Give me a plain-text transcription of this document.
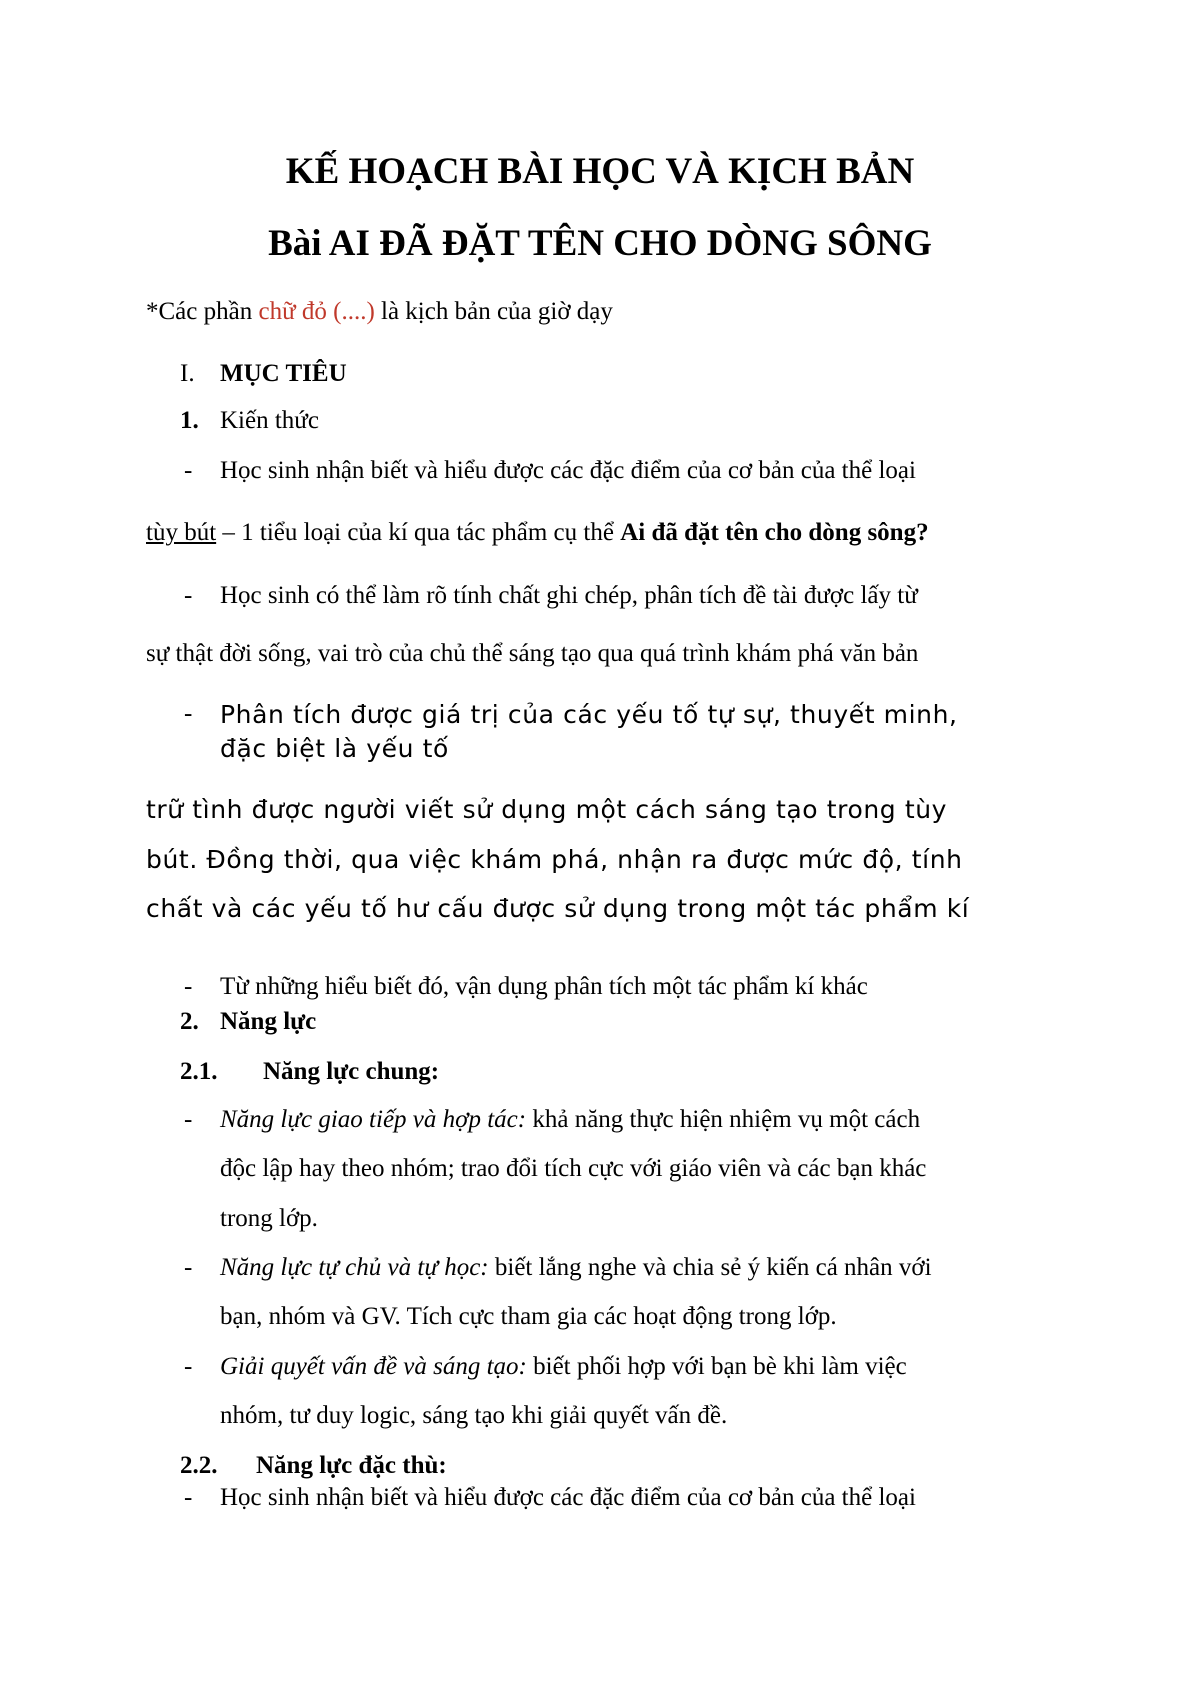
KẾ HOẠCH BÀI HỌC VÀ KỊCH BẢN
Bài AI ĐÃ ĐẶT TÊN CHO DÒNG SÔNG
*Các phần chữ đỏ (....) là kịch bản của giờ dạy
I. MỤC TIÊU
1. Kiến thức
- Học sinh nhận biết và hiểu được các đặc điểm của cơ bản của thể loại
tùy bút – 1 tiểu loại của kí qua tác phẩm cụ thể Ai đã đặt tên cho dòng sông?
- Học sinh có thể làm rõ tính chất ghi chép, phân tích đề tài được lấy từ
sự thật đời sống, vai trò của chủ thể sáng tạo qua quá trình khám phá văn bản
- Phân tích được giá trị của các yếu tố tự sự, thuyết minh,
đặc biệt là yếu tố
trữ tình được người viết sử dụng một cách sáng tạo trong tùy
bút. Đồng thời, qua việc khám phá, nhận ra được mức độ, tính
chất và các yếu tố hư cấu được sử dụng trong một tác phẩm kí
- Từ những hiểu biết đó, vận dụng phân tích một tác phẩm kí khác
2. Năng lực
2.1. Năng lực chung:
- Năng lực giao tiếp và hợp tác: khả năng thực hiện nhiệm vụ một cách
độc lập hay theo nhóm; trao đổi tích cực với giáo viên và các bạn khác
trong lớp.
- Năng lực tự chủ và tự học: biết lắng nghe và chia sẻ ý kiến cá nhân với
bạn, nhóm và GV. Tích cực tham gia các hoạt động trong lớp.
- Giải quyết vấn đề và sáng tạo: biết phối hợp với bạn bè khi làm việc
nhóm, tư duy logic, sáng tạo khi giải quyết vấn đề.
2.2. Năng lực đặc thù:
- Học sinh nhận biết và hiểu được các đặc điểm của cơ bản của thể loại
